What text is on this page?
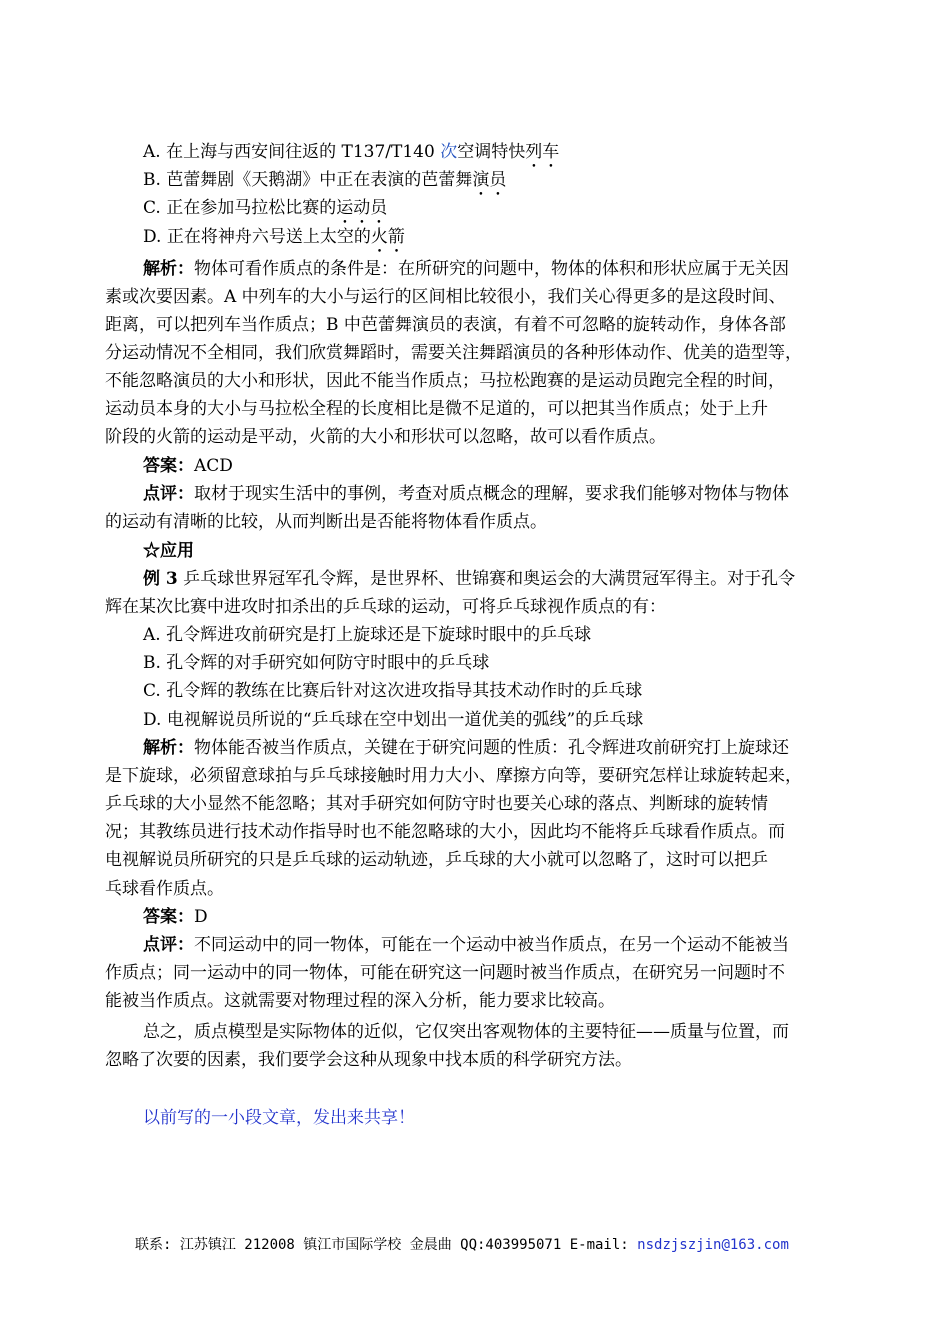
A. 在上海与西安间往返的 T137/T140 次空调特快列车
B. 芭蕾舞剧《天鹅湖》中正在表演的芭蕾舞演员
C. 正在参加马拉松比赛的运动员
D. 正在将神舟六号送上太空的火箭
解析：物体可看作质点的条件是：在所研究的问题中，物体的体积和形状应属于无关因
素或次要因素。A 中列车的大小与运行的区间相比较很小，我们关心得更多的是这段时间、
距离，可以把列车当作质点；B 中芭蕾舞演员的表演，有着不可忽略的旋转动作，身体各部
分运动情况不全相同，我们欣赏舞蹈时，需要关注舞蹈演员的各种形体动作、优美的造型等，
不能忽略演员的大小和形状，因此不能当作质点；马拉松跑赛的是运动员跑完全程的时间，
运动员本身的大小与马拉松全程的长度相比是微不足道的，可以把其当作质点；处于上升
阶段的火箭的运动是平动，火箭的大小和形状可以忽略，故可以看作质点。
答案：ACD
点评：取材于现实生活中的事例，考查对质点概念的理解，要求我们能够对物体与物体
的运动有清晰的比较，从而判断出是否能将物体看作质点。
☆应用
例 3 乒乓球世界冠军孔令辉，是世界杯、世锦赛和奥运会的大满贯冠军得主。对于孔令
辉在某次比赛中进攻时扣杀出的乒乓球的运动，可将乒乓球视作质点的有：
A. 孔令辉进攻前研究是打上旋球还是下旋球时眼中的乒乓球
B. 孔令辉的对手研究如何防守时眼中的乒乓球
C. 孔令辉的教练在比赛后针对这次进攻指导其技术动作时的乒乓球
D. 电视解说员所说的“乒乓球在空中划出一道优美的弧线”的乒乓球
解析：物体能否被当作质点，关键在于研究问题的性质：孔令辉进攻前研究打上旋球还
是下旋球，必须留意球拍与乒乓球接触时用力大小、摩擦方向等，要研究怎样让球旋转起来，
乒乓球的大小显然不能忽略；其对手研究如何防守时也要关心球的落点、判断球的旋转情
况；其教练员进行技术动作指导时也不能忽略球的大小，因此均不能将乒乓球看作质点。而
电视解说员所研究的只是乒乓球的运动轨迹，乒乓球的大小就可以忽略了，这时可以把乒
乓球看作质点。
答案：D
点评：不同运动中的同一物体，可能在一个运动中被当作质点，在另一个运动不能被当
作质点；同一运动中的同一物体，可能在研究这一问题时被当作质点，在研究另一问题时不
能被当作质点。这就需要对物理过程的深入分析，能力要求比较高。
总之，质点模型是实际物体的近似，它仅突出客观物体的主要特征——质量与位置，而
忽略了次要的因素，我们要学会这种从现象中找本质的科学研究方法。
以前写的一小段文章，发出来共享！
联系: 江苏镇江 212008 镇江市国际学校 金晨曲 QQ:403995071 E-mail: nsdzjszjin@163.com
